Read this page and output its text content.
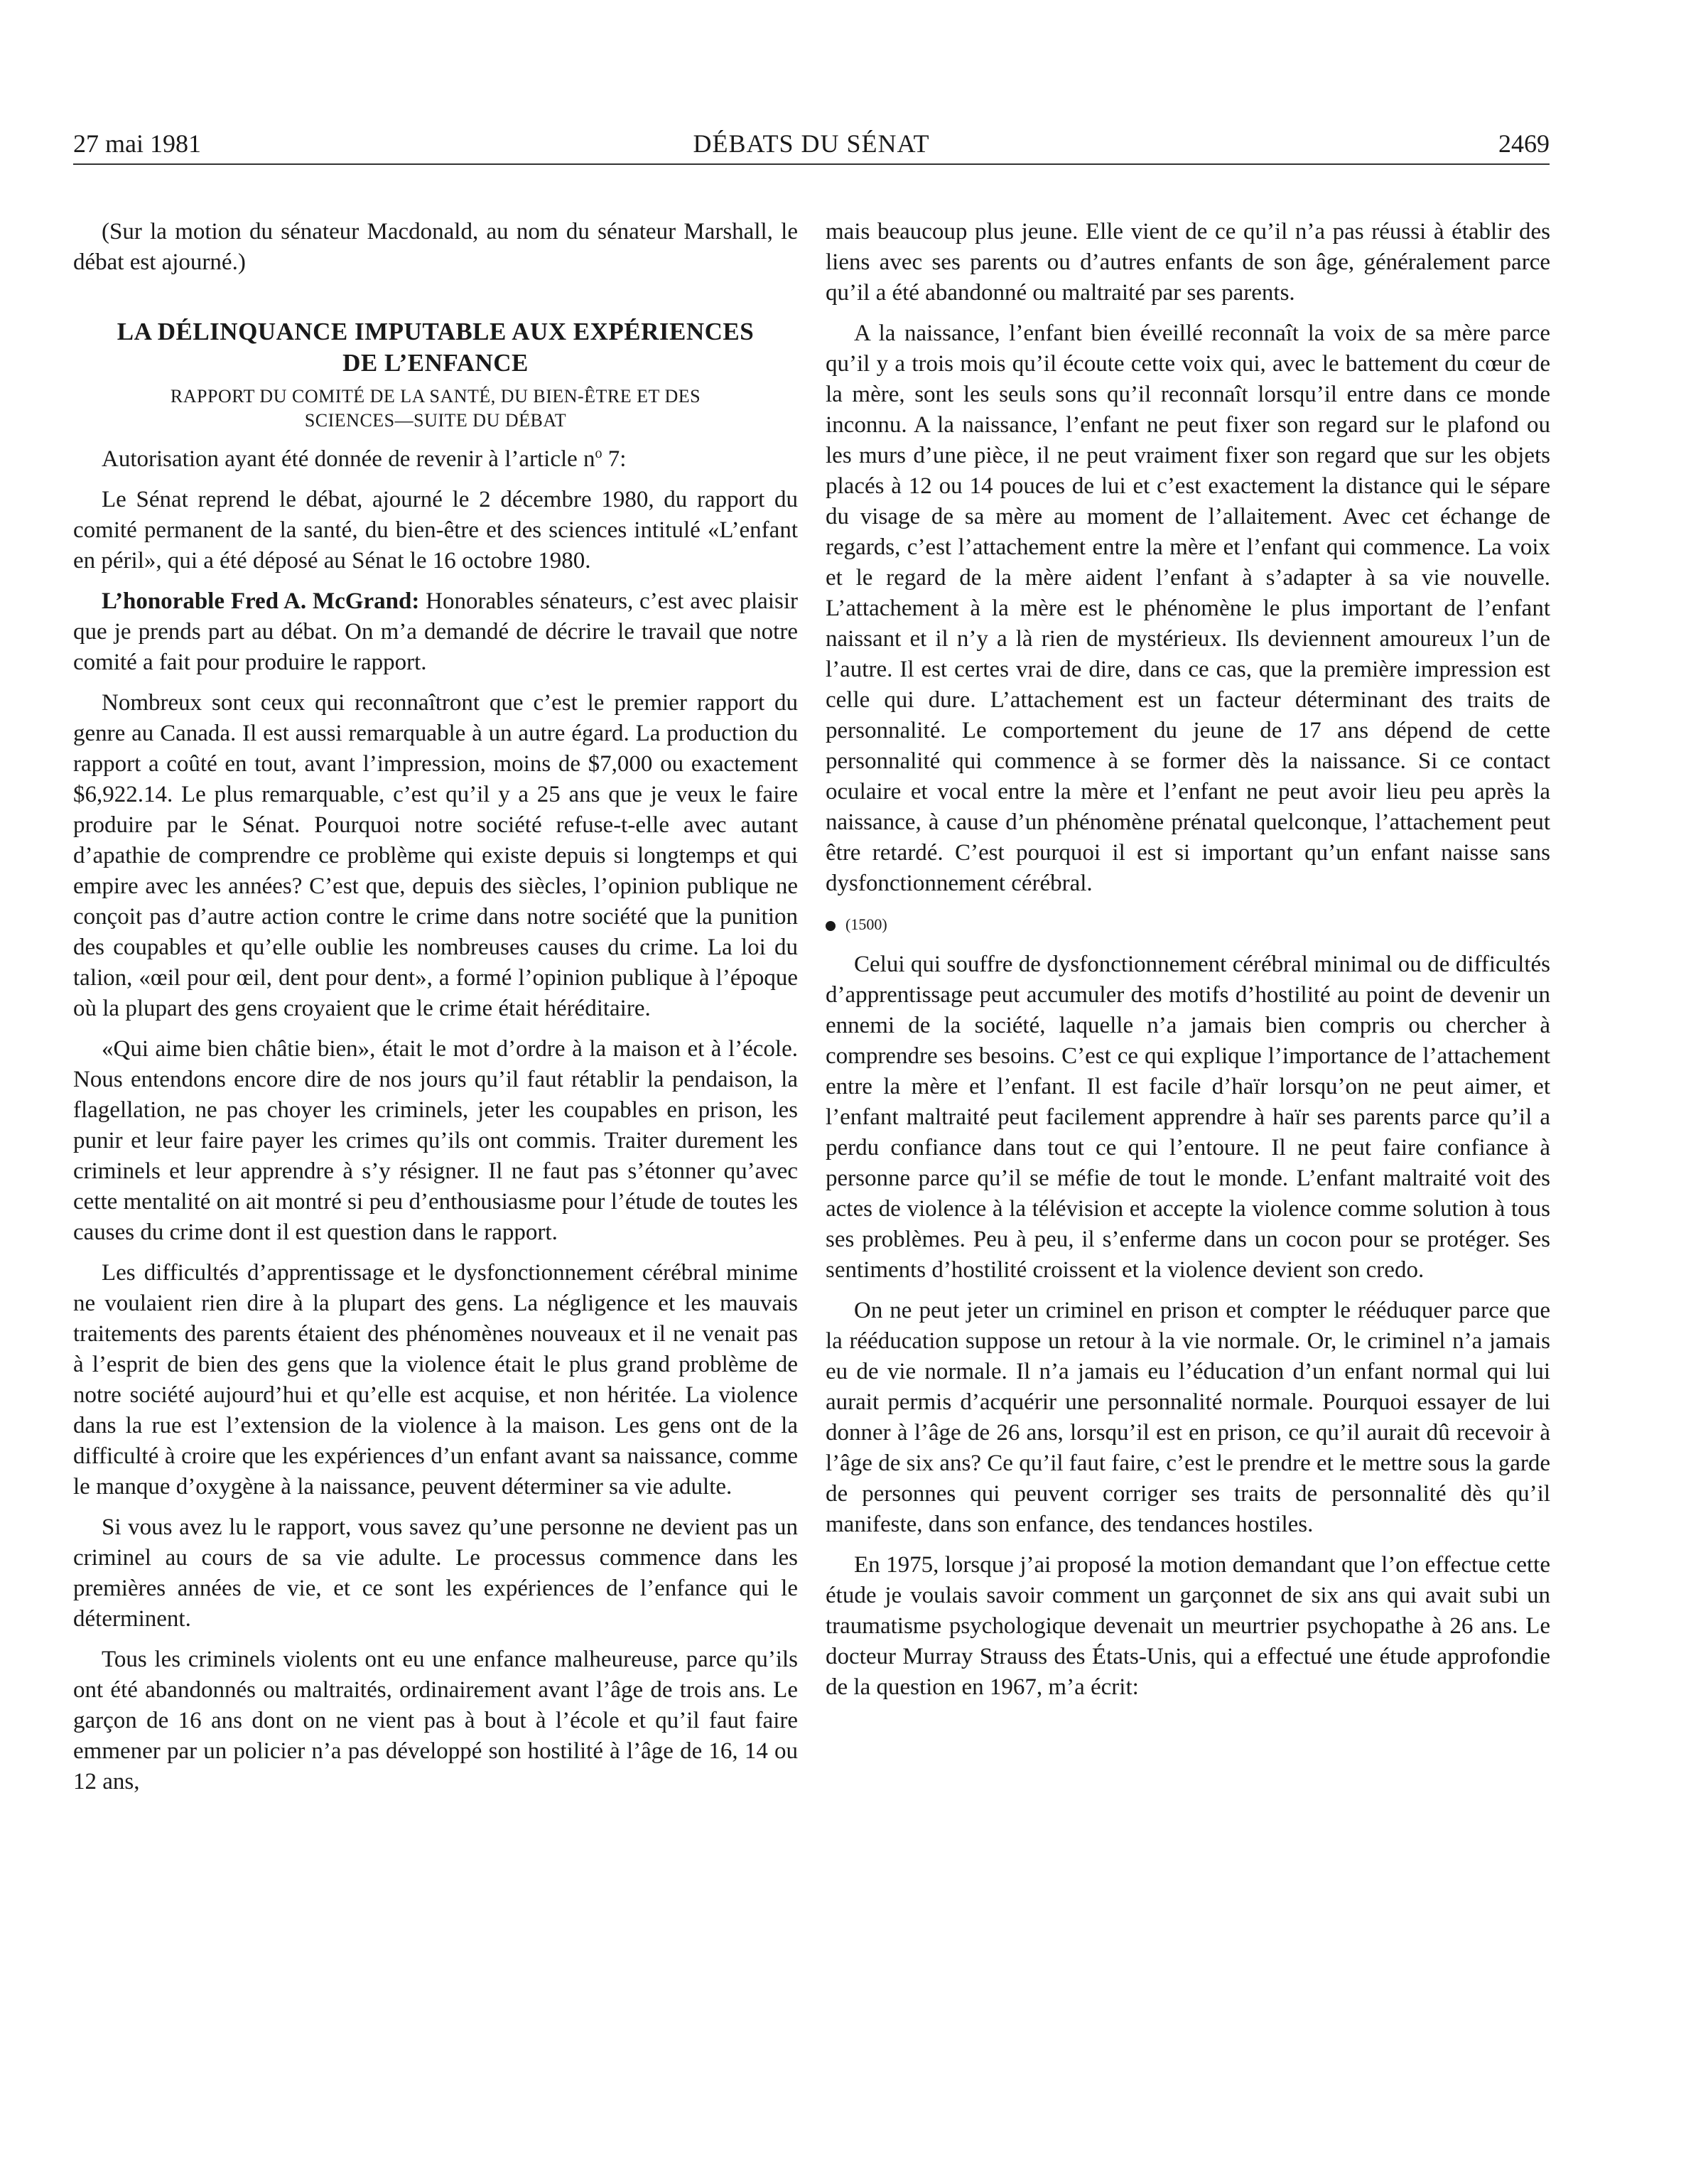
27 mai 1981	DÉBATS DU SÉNAT	2469

(Sur la motion du sénateur Macdonald, au nom du sénateur Marshall, le débat est ajourné.)

LA DÉLINQUANCE IMPUTABLE AUX EXPÉRIENCES
DE L’ENFANCE
RAPPORT DU COMITÉ DE LA SANTÉ, DU BIEN-ÊTRE ET DES
SCIENCES—SUITE DU DÉBAT

Autorisation ayant été donnée de revenir à l’article $n^o$ 7:

Le Sénat reprend le débat, ajourné le 2 décembre 1980, du rapport du comité permanent de la santé, du bien-être et des sciences intitulé «L’enfant en péril», qui a été déposé au Sénat le 16 octobre 1980.

L’honorable Fred A. McGrand: Honorables sénateurs, c’est avec plaisir que je prends part au débat. On m’a demandé de décrire le travail que notre comité a fait pour produire le rapport.

Nombreux sont ceux qui reconnaîtront que c’est le premier rapport du genre au Canada. Il est aussi remarquable à un autre égard. La production du rapport a coûté en tout, avant l’impression, moins de $7,000 ou exactement $6,922.14. Le plus remarquable, c’est qu’il y a 25 ans que je veux le faire produire par le Sénat. Pourquoi notre société refuse-t-elle avec autant d’apathie de comprendre ce problème qui existe depuis si longtemps et qui empire avec les années? C’est que, depuis des siècles, l’opinion publique ne conçoit pas d’autre action contre le crime dans notre société que la punition des coupables et qu’elle oublie les nombreuses causes du crime. La loi du talion, «œil pour œil, dent pour dent», a formé l’opinion publique à l’époque où la plupart des gens croyaient que le crime était héréditaire.

«Qui aime bien châtie bien», était le mot d’ordre à la maison et à l’école. Nous entendons encore dire de nos jours qu’il faut rétablir la pendaison, la flagellation, ne pas choyer les criminels, jeter les coupables en prison, les punir et leur faire payer les crimes qu’ils ont commis. Traiter durement les criminels et leur apprendre à s’y résigner. Il ne faut pas s’étonner qu’avec cette mentalité on ait montré si peu d’enthousiasme pour l’étude de toutes les causes du crime dont il est question dans le rapport.

Les difficultés d’apprentissage et le dysfonctionnement cérébral minime ne voulaient rien dire à la plupart des gens. La négligence et les mauvais traitements des parents étaient des phénomènes nouveaux et il ne venait pas à l’esprit de bien des gens que la violence était le plus grand problème de notre société aujourd’hui et qu’elle est acquise, et non héritée. La violence dans la rue est l’extension de la violence à la maison. Les gens ont de la difficulté à croire que les expériences d’un enfant avant sa naissance, comme le manque d’oxygène à la naissance, peuvent déterminer sa vie adulte.

Si vous avez lu le rapport, vous savez qu’une personne ne devient pas un criminel au cours de sa vie adulte. Le processus commence dans les premières années de vie, et ce sont les expériences de l’enfance qui le déterminent.

Tous les criminels violents ont eu une enfance malheureuse, parce qu’ils ont été abandonnés ou maltraités, ordinairement avant l’âge de trois ans. Le garçon de 16 ans dont on ne vient pas à bout à l’école et qu’il faut faire emmener par un policier n’a pas développé son hostilité à l’âge de 16, 14 ou 12 ans,

mais beaucoup plus jeune. Elle vient de ce qu’il n’a pas réussi à établir des liens avec ses parents ou d’autres enfants de son âge, généralement parce qu’il a été abandonné ou maltraité par ses parents.

A la naissance, l’enfant bien éveillé reconnaît la voix de sa mère parce qu’il y a trois mois qu’il écoute cette voix qui, avec le battement du cœur de la mère, sont les seuls sons qu’il reconnaît lorsqu’il entre dans ce monde inconnu. A la naissance, l’enfant ne peut fixer son regard sur le plafond ou les murs d’une pièce, il ne peut vraiment fixer son regard que sur les objets placés à 12 ou 14 pouces de lui et c’est exactement la distance qui le sépare du visage de sa mère au moment de l’allaitement. Avec cet échange de regards, c’est l’attachement entre la mère et l’enfant qui commence. La voix et le regard de la mère aident l’enfant à s’adapter à sa vie nouvelle. L’attachement à la mère est le phénomène le plus important de l’enfant naissant et il n’y a là rien de mystérieux. Ils deviennent amoureux l’un de l’autre. Il est certes vrai de dire, dans ce cas, que la première impression est celle qui dure. L’attachement est un facteur déterminant des traits de personnalité. Le comportement du jeune de 17 ans dépend de cette personnalité qui commence à se former dès la naissance. Si ce contact oculaire et vocal entre la mère et l’enfant ne peut avoir lieu peu après la naissance, à cause d’un phénomène prénatal quelconque, l’attachement peut être retardé. C’est pourquoi il est si important qu’un enfant naisse sans dysfonctionnement cérébral.

(1500)

Celui qui souffre de dysfonctionnement cérébral minimal ou de difficultés d’apprentissage peut accumuler des motifs d’hostilité au point de devenir un ennemi de la société, laquelle n’a jamais bien compris ou chercher à comprendre ses besoins. C’est ce qui explique l’importance de l’attachement entre la mère et l’enfant. Il est facile d’haïr lorsqu’on ne peut aimer, et l’enfant maltraité peut facilement apprendre à haïr ses parents parce qu’il a perdu confiance dans tout ce qui l’entoure. Il ne peut faire confiance à personne parce qu’il se méfie de tout le monde. L’enfant maltraité voit des actes de violence à la télévision et accepte la violence comme solution à tous ses problèmes. Peu à peu, il s’enferme dans un cocon pour se protéger. Ses sentiments d’hostilité croissent et la violence devient son credo.

On ne peut jeter un criminel en prison et compter le rééduquer parce que la rééducation suppose un retour à la vie normale. Or, le criminel n’a jamais eu de vie normale. Il n’a jamais eu l’éducation d’un enfant normal qui lui aurait permis d’acquérir une personnalité normale. Pourquoi essayer de lui donner à l’âge de 26 ans, lorsqu’il est en prison, ce qu’il aurait dû recevoir à l’âge de six ans? Ce qu’il faut faire, c’est le prendre et le mettre sous la garde de personnes qui peuvent corriger ses traits de personnalité dès qu’il manifeste, dans son enfance, des tendances hostiles.

En 1975, lorsque j’ai proposé la motion demandant que l’on effectue cette étude je voulais savoir comment un garçonnet de six ans qui avait subi un traumatisme psychologique devenait un meurtrier psychopathe à 26 ans. Le docteur Murray Strauss des États-Unis, qui a effectué une étude approfondie de la question en 1967, m’a écrit:
